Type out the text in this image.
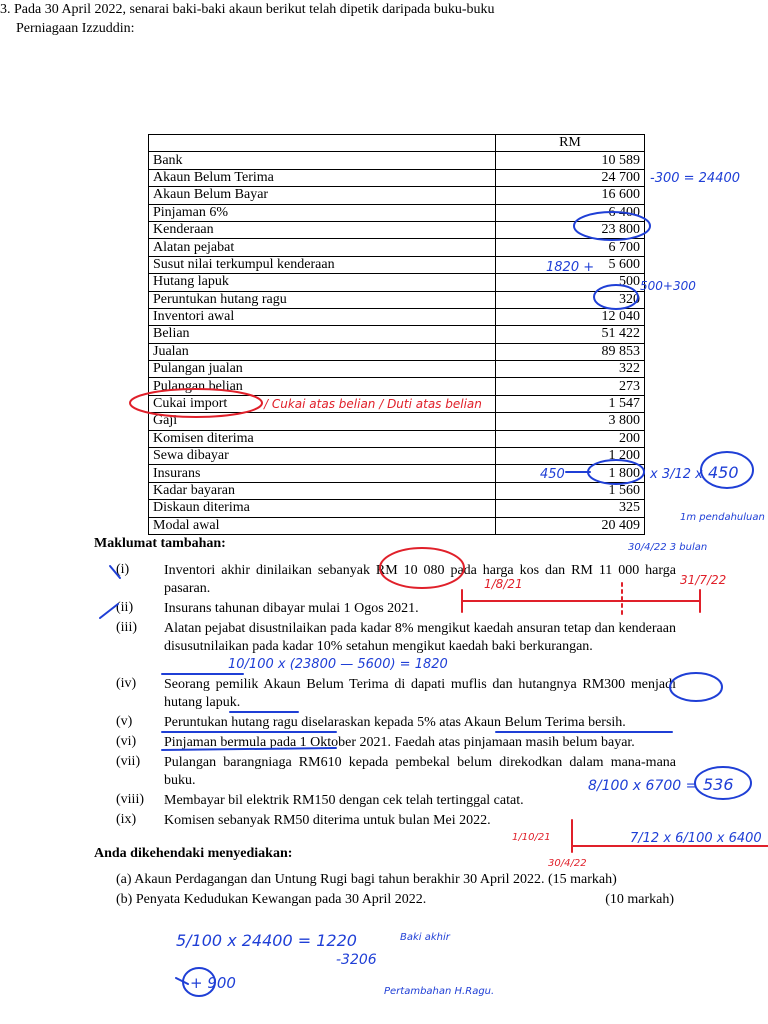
3. Pada 30 April 2022, senarai baki-baki akaun berikut telah dipetik daripada buku-buku
Perniagaan Izzuddin:
	RM
Bank	10 589
Akaun Belum Terima	24 700
Akaun Belum Bayar	16 600
Pinjaman 6%	6 400
Kenderaan	23 800
Alatan pejabat	6 700
Susut nilai terkumpul kenderaan	5 600
Hutang lapuk	500
Peruntukan hutang ragu	320
Inventori awal	12 040
Belian	51 422
Jualan	89 853
Pulangan jualan	322
Pulangan belian	273
Cukai import	1 547
Gaji	3 800
Komisen diterima	200
Sewa dibayar	1 200
Insurans	1 800
Kadar bayaran	1 560
Diskaun diterima	325
Modal awal	20 409
Maklumat tambahan:
(i)	Inventori akhir dinilaikan sebanyak RM 10 080 pada harga kos dan RM 11 000 harga pasaran.
(ii)	Insurans tahunan dibayar mulai 1 Ogos 2021.
(iii)	Alatan pejabat disustnilaikan pada kadar 8% mengikut kaedah ansuran tetap dan kenderaan disusutnilaikan pada kadar 10% setahun mengikut kaedah baki berkurangan.
(iv)	Seorang pemilik Akaun Belum Terima di dapati muflis dan hutangnya RM300 menjadi hutang lapuk.
(v)	Peruntukan hutang ragu diselaraskan kepada 5% atas Akaun Belum Terima bersih.
(vi)	Pinjaman bermula pada 1 Oktober 2021. Faedah atas pinjamaan masih belum bayar.
(vii)	Pulangan barangniaga RM610 kepada pembekal belum direkodkan dalam mana-mana buku.
(viii)	Membayar bil elektrik RM150 dengan cek telah tertinggal catat.
(ix)	Komisen sebanyak RM50 diterima untuk bulan Mei 2022.
Anda dikehendaki menyediakan:
(a) Akaun Perdagangan dan Untung Rugi bagi tahun berakhir 30 April 2022. (15 markah)
(b) Penyata Kedudukan Kewangan pada 30 April 2022.	(10 markah)
-300 = 24400
1820 +
500+300
/ Cukai atas belian / Duti atas belian
450	x 3/12 x 450
1m pendahuluan
30/4/22 3 bulan
1/8/21	31/7/22
10/100 x (23800 — 5600) = 1820
8/100 x 6700 = 536
7/12 x 6/100 x 6400
1/10/21
30/4/22
5/100 x 24400 = 1220	Baki akhir
-3206
+ 900	Pertambahan H.Ragu.
